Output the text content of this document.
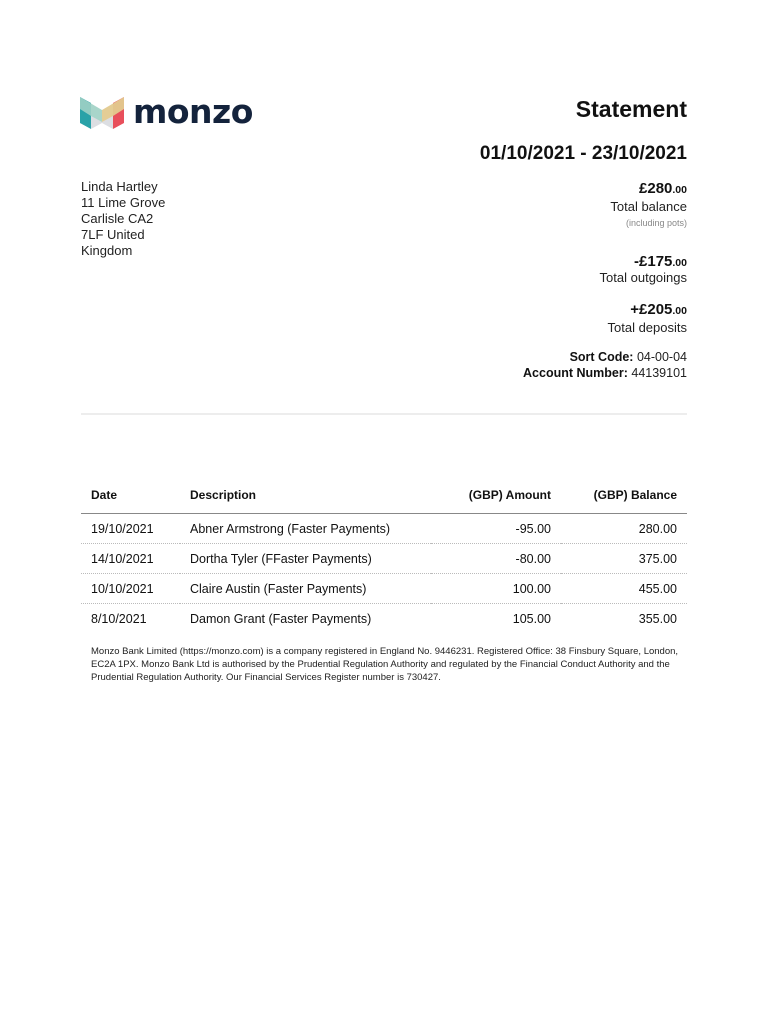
monzo	Statement
01/10/2021 - 23/10/2021
Linda Hartley
11 Lime Grove
Carlisle CA2
7LF United
Kingdom
£280.00
Total balance
(including pots)
-£175.00
Total outgoings
+£205.00
Total deposits
Sort Code: 04-00-04
Account Number: 44139101
Date	Description	(GBP) Amount	(GBP) Balance
19/10/2021	Abner Armstrong (Faster Payments)	-95.00	280.00
14/10/2021	Dortha Tyler (FFaster Payments)	-80.00	375.00
10/10/2021	Claire Austin (Faster Payments)	100.00	455.00
8/10/2021	Damon Grant (Faster Payments)	105.00	355.00
Monzo Bank Limited (https://monzo.com) is a company registered in England No. 9446231. Registered Office: 38 Finsbury Square, London, EC2A 1PX. Monzo Bank Ltd is authorised by the Prudential Regulation Authority and regulated by the Financial Conduct Authority and the Prudential Regulation Authority. Our Financial Services Register number is 730427.
